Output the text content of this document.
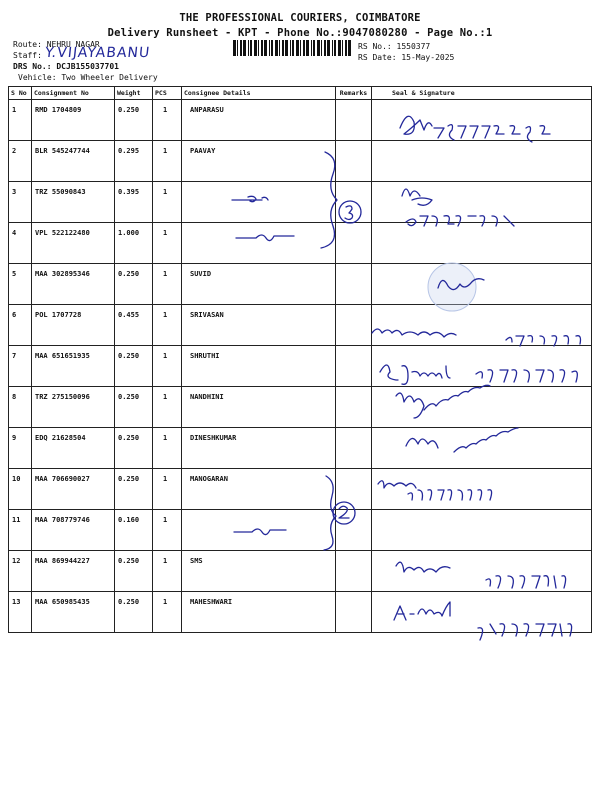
THE PROFESSIONAL COURIERS, COIMBATORE
Delivery Runsheet - KPT - Phone No.:9047080280 - Page No.:1
Route: NEHRU NAGAR
Staff: Y.VIJAYABANU
DRS No.: DCJB155037701
Vehicle: Two Wheeler Delivery
RS No.: 1550377
RS Date: 15-May-2025
S No	Consignment No	Weight	PCS	Consignee Details	Remarks	Seal & Signature
1	RMD 1704809	0.250	1	ANPARASU		
2	BLR 545247744	0.295	1	PAAVAY		
3	TRZ 55090843	0.395	1			
4	VPL 522122480	1.000	1			
5	MAA 302895346	0.250	1	SUVID		
6	POL 1707728	0.455	1	SRIVASAN		
7	MAA 651651935	0.250	1	SHRUTHI		
8	TRZ 275150096	0.250	1	NANDHINI		
9	EDQ 21628504	0.250	1	DINESHKUMAR		
10	MAA 706690027	0.250	1	MANOGARAN		
11	MAA 708779746	0.160	1			
12	MAA 869944227	0.250	1	SMS		
13	MAA 650985435	0.250	1	MAHESHWARI		
